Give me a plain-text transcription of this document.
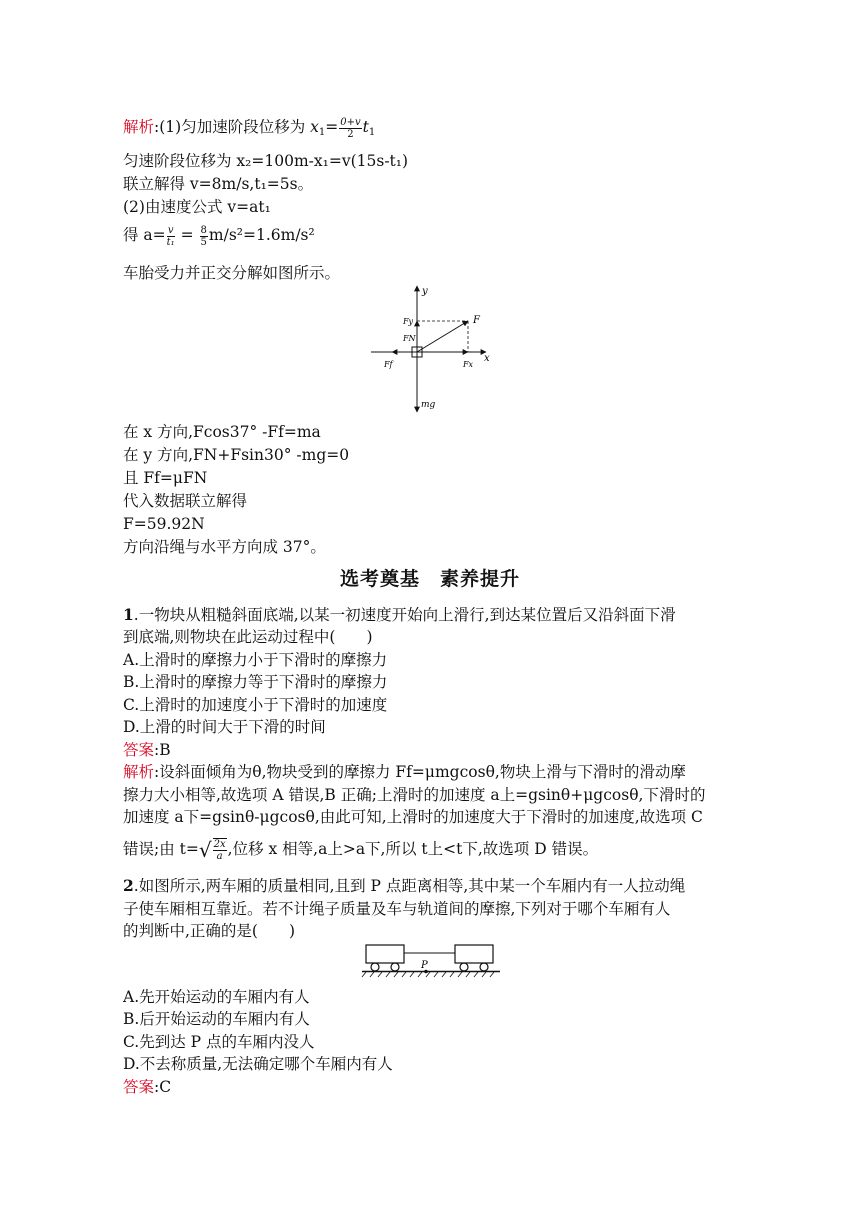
解析:(1)匀加速阶段位移为 $x_1= \frac{0+v}{2} t_1$
匀速阶段位移为 x₂=100m-x₁=v(15s-t₁)
联立解得 v=8m/s,t₁=5s。
(2)由速度公式 v=at₁
得 $a= \frac{v}{\text{t₁}} = \frac{8}{5} m/s^2=1.6m/s^2$
车胎受力并正交分解如图所示。
y
x
F
Fy
FN
Ff	Fx
mg
在 x 方向,Fcos37° -Ff=ma
在 y 方向,FN+Fsin30° -mg=0
且 Ff=μFN
代入数据联立解得
F=59.92N
方向沿绳与水平方向成 37°。
选考奠基 素养提升
1.一物块从粗糙斜面底端,以某一初速度开始向上滑行,到达某位置后又沿斜面下滑
到底端,则物块在此运动过程中(　　)
A.上滑时的摩擦力小于下滑时的摩擦力
B.上滑时的摩擦力等于下滑时的摩擦力
C.上滑时的加速度小于下滑时的加速度
D.上滑的时间大于下滑的时间
答案:B
解析:设斜面倾角为θ,物块受到的摩擦力 Ff=μmgcosθ,物块上滑与下滑时的滑动摩
擦力大小相等,故选项 A 错误,B 正确;上滑时的加速度 a上=gsinθ+μgcosθ,下滑时的
加速度 a下=gsinθ-μgcosθ,由此可知,上滑时的加速度大于下滑时的加速度,故选项 C
错误;由 $t=√ \frac{2x}{a}$ ,位移 x 相等,a上>a下,所以 t上<t下,故选项 D 错误。
2.如图所示,两车厢的质量相同,且到 P 点距离相等,其中某一个车厢内有一人拉动绳
子使车厢相互靠近。若不计绳子质量及车与轨道间的摩擦,下列对于哪个车厢有人
的判断中,正确的是(　　)
P
A.先开始运动的车厢内有人
B.后开始运动的车厢内有人
C.先到达 P 点的车厢内没人
D.不去称质量,无法确定哪个车厢内有人
答案:C
